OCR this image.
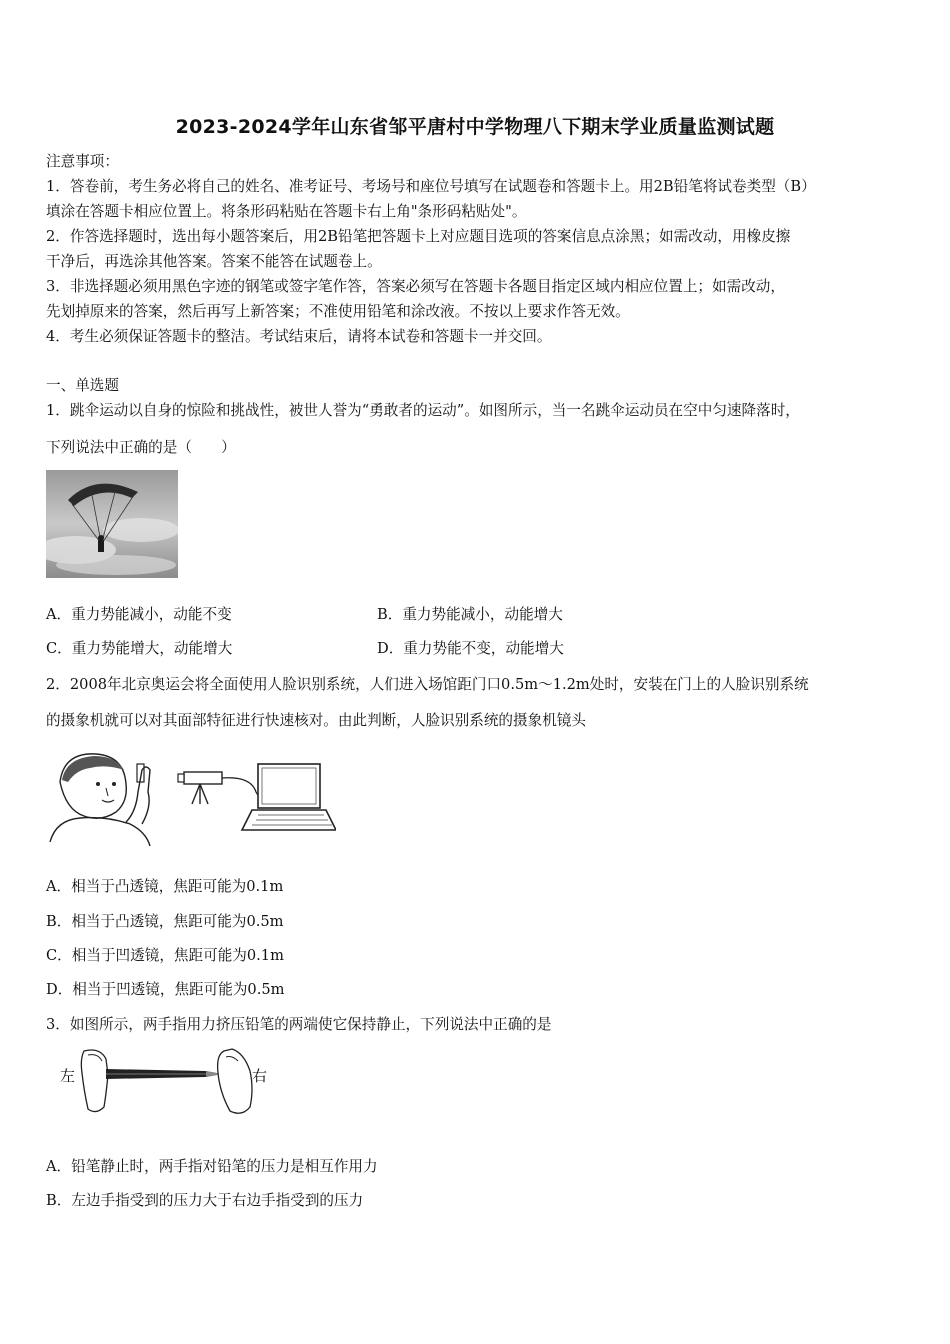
2023-2024学年山东省邹平唐村中学物理八下期末学业质量监测试题
注意事项：
1．答卷前，考生务必将自己的姓名、准考证号、考场号和座位号填写在试题卷和答题卡上。用2B铅笔将试卷类型（B）
填涂在答题卡相应位置上。将条形码粘贴在答题卡右上角"条形码粘贴处"。
2．作答选择题时，选出每小题答案后，用2B铅笔把答题卡上对应题目选项的答案信息点涂黑；如需改动，用橡皮擦
干净后，再选涂其他答案。答案不能答在试题卷上。
3．非选择题必须用黑色字迹的钢笔或签字笔作答，答案必须写在答题卡各题目指定区域内相应位置上；如需改动，
先划掉原来的答案，然后再写上新答案；不准使用铅笔和涂改液。不按以上要求作答无效。
4．考生必须保证答题卡的整洁。考试结束后，请将本试卷和答题卡一并交回。
一、单选题
1．跳伞运动以自身的惊险和挑战性，被世人誉为“勇敢者的运动”。如图所示，当一名跳伞运动员在空中匀速降落时，
下列说法中正确的是（　　）
A．重力势能减小，动能不变	B．重力势能减小，动能增大
C．重力势能增大，动能增大	D．重力势能不变，动能增大
2．2008年北京奥运会将全面使用人脸识别系统，人们进入场馆距门口0.5m～1.2m处时，安装在门上的人脸识别系统
的摄象机就可以对其面部特征进行快速核对。由此判断，人脸识别系统的摄象机镜头
A．相当于凸透镜，焦距可能为0.1m
B．相当于凸透镜，焦距可能为0.5m
C．相当于凹透镜，焦距可能为0.1m
D．相当于凹透镜，焦距可能为0.5m
3．如图所示，两手指用力挤压铅笔的两端使它保持静止，下列说法中正确的是
左	右
A．铅笔静止时，两手指对铅笔的压力是相互作用力
B．左边手指受到的压力大于右边手指受到的压力
